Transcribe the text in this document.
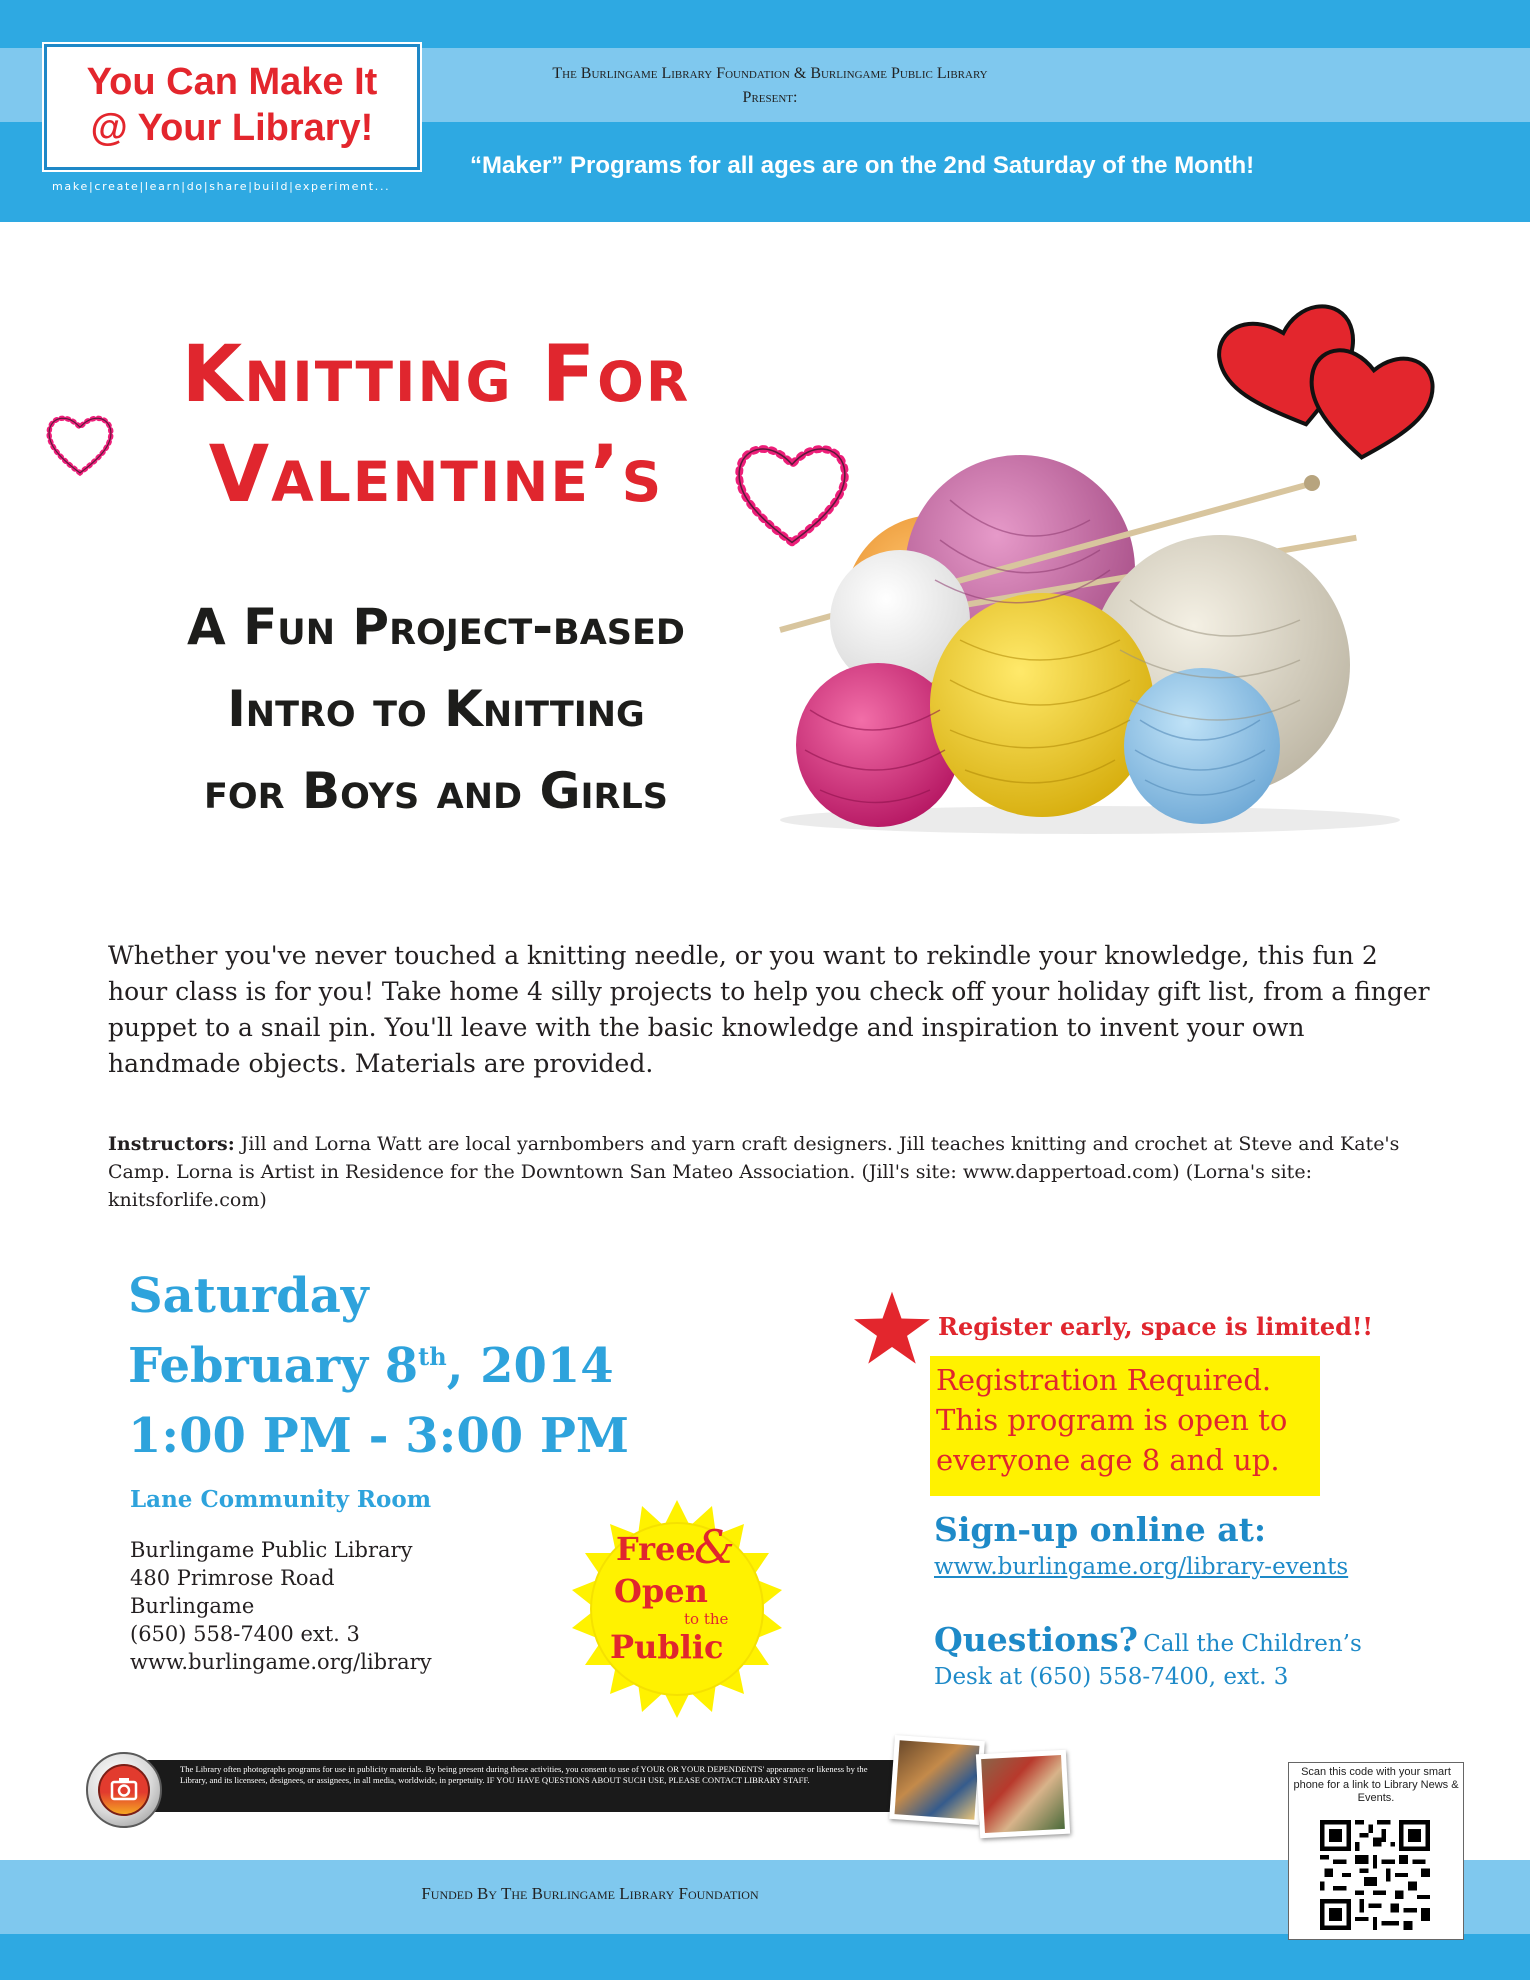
You Can Make It
@ Your Library!
make|create|learn|do|share|build|experiment...
The Burlingame Library Foundation & Burlingame Public Library
Present:
“Maker” Programs for all ages are on the 2nd Saturday of the Month!
Knitting For
Valentine’s
A Fun Project-based
Intro to Knitting
for Boys and Girls
Whether you've never touched a knitting needle, or you want to rekindle your knowledge, this fun 2 hour class is for you! Take home 4 silly projects to help you check off your holiday gift list, from a finger puppet to a snail pin. You'll leave with the basic knowledge and inspiration to invent your own handmade objects. Materials are provided.
Instructors: Jill and Lorna Watt are local yarnbombers and yarn craft designers. Jill teaches knitting and crochet at Steve and Kate's Camp. Lorna is Artist in Residence for the Downtown San Mateo Association. (Jill's site: www.dappertoad.com) (Lorna's site: knitsforlife.com)
Saturday
February 8th, 2014
1:00 PM - 3:00 PM
Lane Community Room
Burlingame Public Library
480 Primrose Road
Burlingame
(650) 558-7400 ext. 3
www.burlingame.org/library
Free
&
Open
to the
Public
Register early, space is limited!!
Registration Required.
This program is open to
everyone age 8 and up.
Sign-up online at:
www.burlingame.org/library-events
Questions? Call the Children’s
Desk at (650) 558-7400, ext. 3
The Library often photographs programs for use in publicity materials. By being present during these activities, you consent to use of YOUR OR YOUR DEPENDENTS' appearance or likeness by the Library, and its licensees, designees, or assignees, in all media, worldwide, in perpetuity. IF YOU HAVE QUESTIONS ABOUT SUCH USE, PLEASE CONTACT LIBRARY STAFF.
Funded By The Burlingame Library Foundation
Scan this code with your smart phone for a link to Library News & Events.
